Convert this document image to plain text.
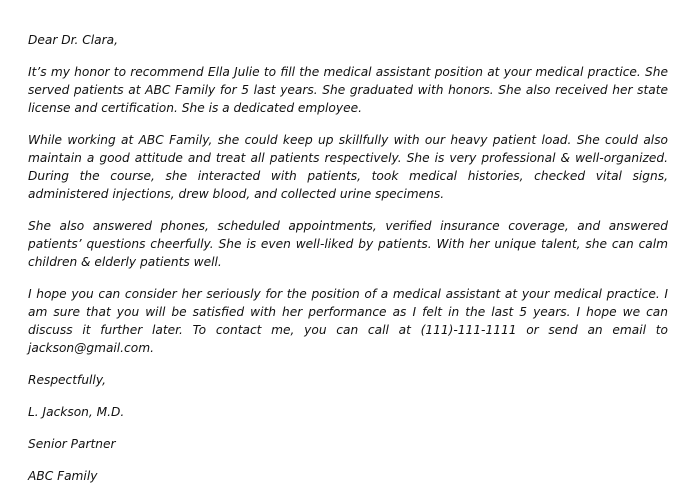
Dear Dr. Clara,

It’s my honor to recommend Ella Julie to fill the medical assistant position at your medical practice. She served patients at ABC Family for 5 last years. She graduated with honors. She also received her state license and certification. She is a dedicated employee.

While working at ABC Family, she could keep up skillfully with our heavy patient load. She could also maintain a good attitude and treat all patients respectively. She is very professional & well-organized. During the course, she interacted with patients, took medical histories, checked vital signs, administered injections, drew blood, and collected urine specimens.

She also answered phones, scheduled appointments, verified insurance coverage, and answered patients’ questions cheerfully. She is even well-liked by patients. With her unique talent, she can calm children & elderly patients well.

I hope you can consider her seriously for the position of a medical assistant at your medical practice. I am sure that you will be satisfied with her performance as I felt in the last 5 years. I hope we can discuss it further later. To contact me, you can call at (111)-111-1111 or send an email to jackson@gmail.com.

Respectfully,

L. Jackson, M.D.

Senior Partner

ABC Family
